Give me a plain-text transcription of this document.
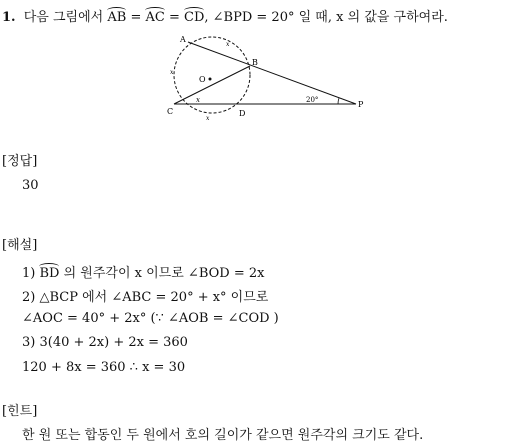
1. 다음 그림에서 AB = AC = CD, ∠BPD = 20° 일 때, x 의 값을 구하여라.
A
B
O
C	D
P
x
x
x
x	20°
[정답]
30
[해설]
1) BD 의 원주각이 x 이므로 ∠BOD = 2x
2) △BCP 에서 ∠ABC = 20° + x° 이므로
∠AOC = 40° + 2x° (∵ ∠AOB = ∠COD )
3) 3(40 + 2x) + 2x = 360
120 + 8x = 360 ∴ x = 30
[힌트]
한 원 또는 합동인 두 원에서 호의 길이가 같으면 원주각의 크기도 같다.
